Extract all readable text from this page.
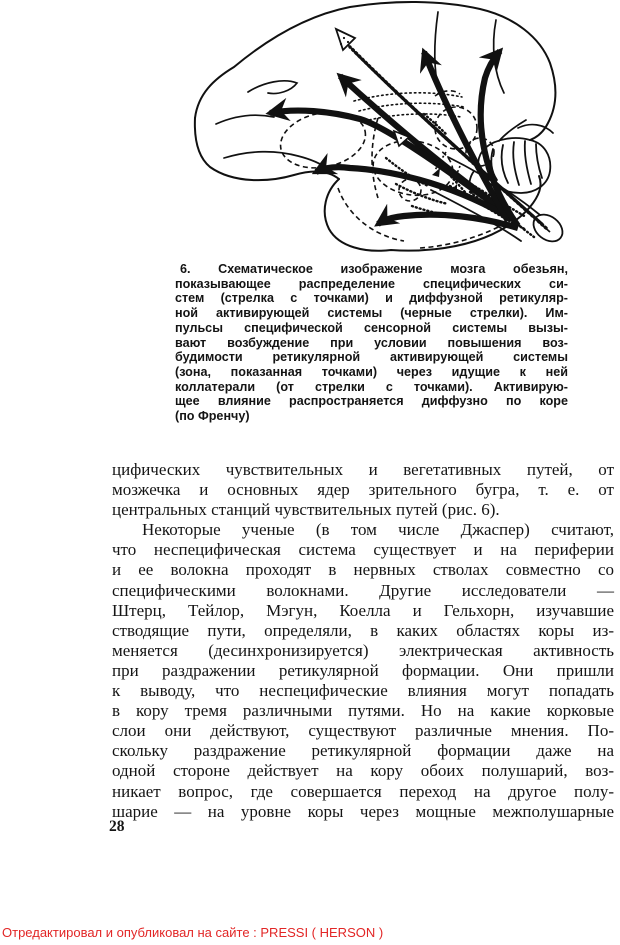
6. Схематическое изображение мозга обезьян,
показывающее распределение специфических си-
стем (стрелка с точками) и диффузной ретикуляр-
ной активирующей системы (черные стрелки). Им-
пульсы специфической сенсорной системы вызы-
вают возбуждение при условии повышения воз-
будимости ретикулярной активирующей системы
(зона, показанная точками) через идущие к ней
коллатерали (от стрелки с точками). Активирую-
щее влияние распространяется диффузно по коре
(по Френчу)
цифических чувствительных и вегетативных путей, от
мозжечка и основных ядер зрительного бугра, т. е. от
центральных станций чувствительных путей (рис. 6).
Некоторые ученые (в том числе Джаспер) считают,
что неспецифическая система существует и на периферии
и ее волокна проходят в нервных стволах совместно со
специфическими волокнами. Другие исследователи —
Штерц, Тейлор, Мэгун, Коелла и Гельхорн, изучавшие
стводящие пути, определяли, в каких областях коры из-
меняется (десинхронизируется) электрическая активность
при раздражении ретикулярной формации. Они пришли
к выводу, что неспецифические влияния могут попадать
в кору тремя различными путями. Но на какие корковые
слои они действуют, существуют различные мнения. По-
скольку раздражение ретикулярной формации даже на
одной стороне действует на кору обоих полушарий, воз-
никает вопрос, где совершается переход на другое полу-
шарие — на уровне коры через мощные межполушарные
28
Отредактировал и опубликовал на сайте : PRESSI ( HERSON )
